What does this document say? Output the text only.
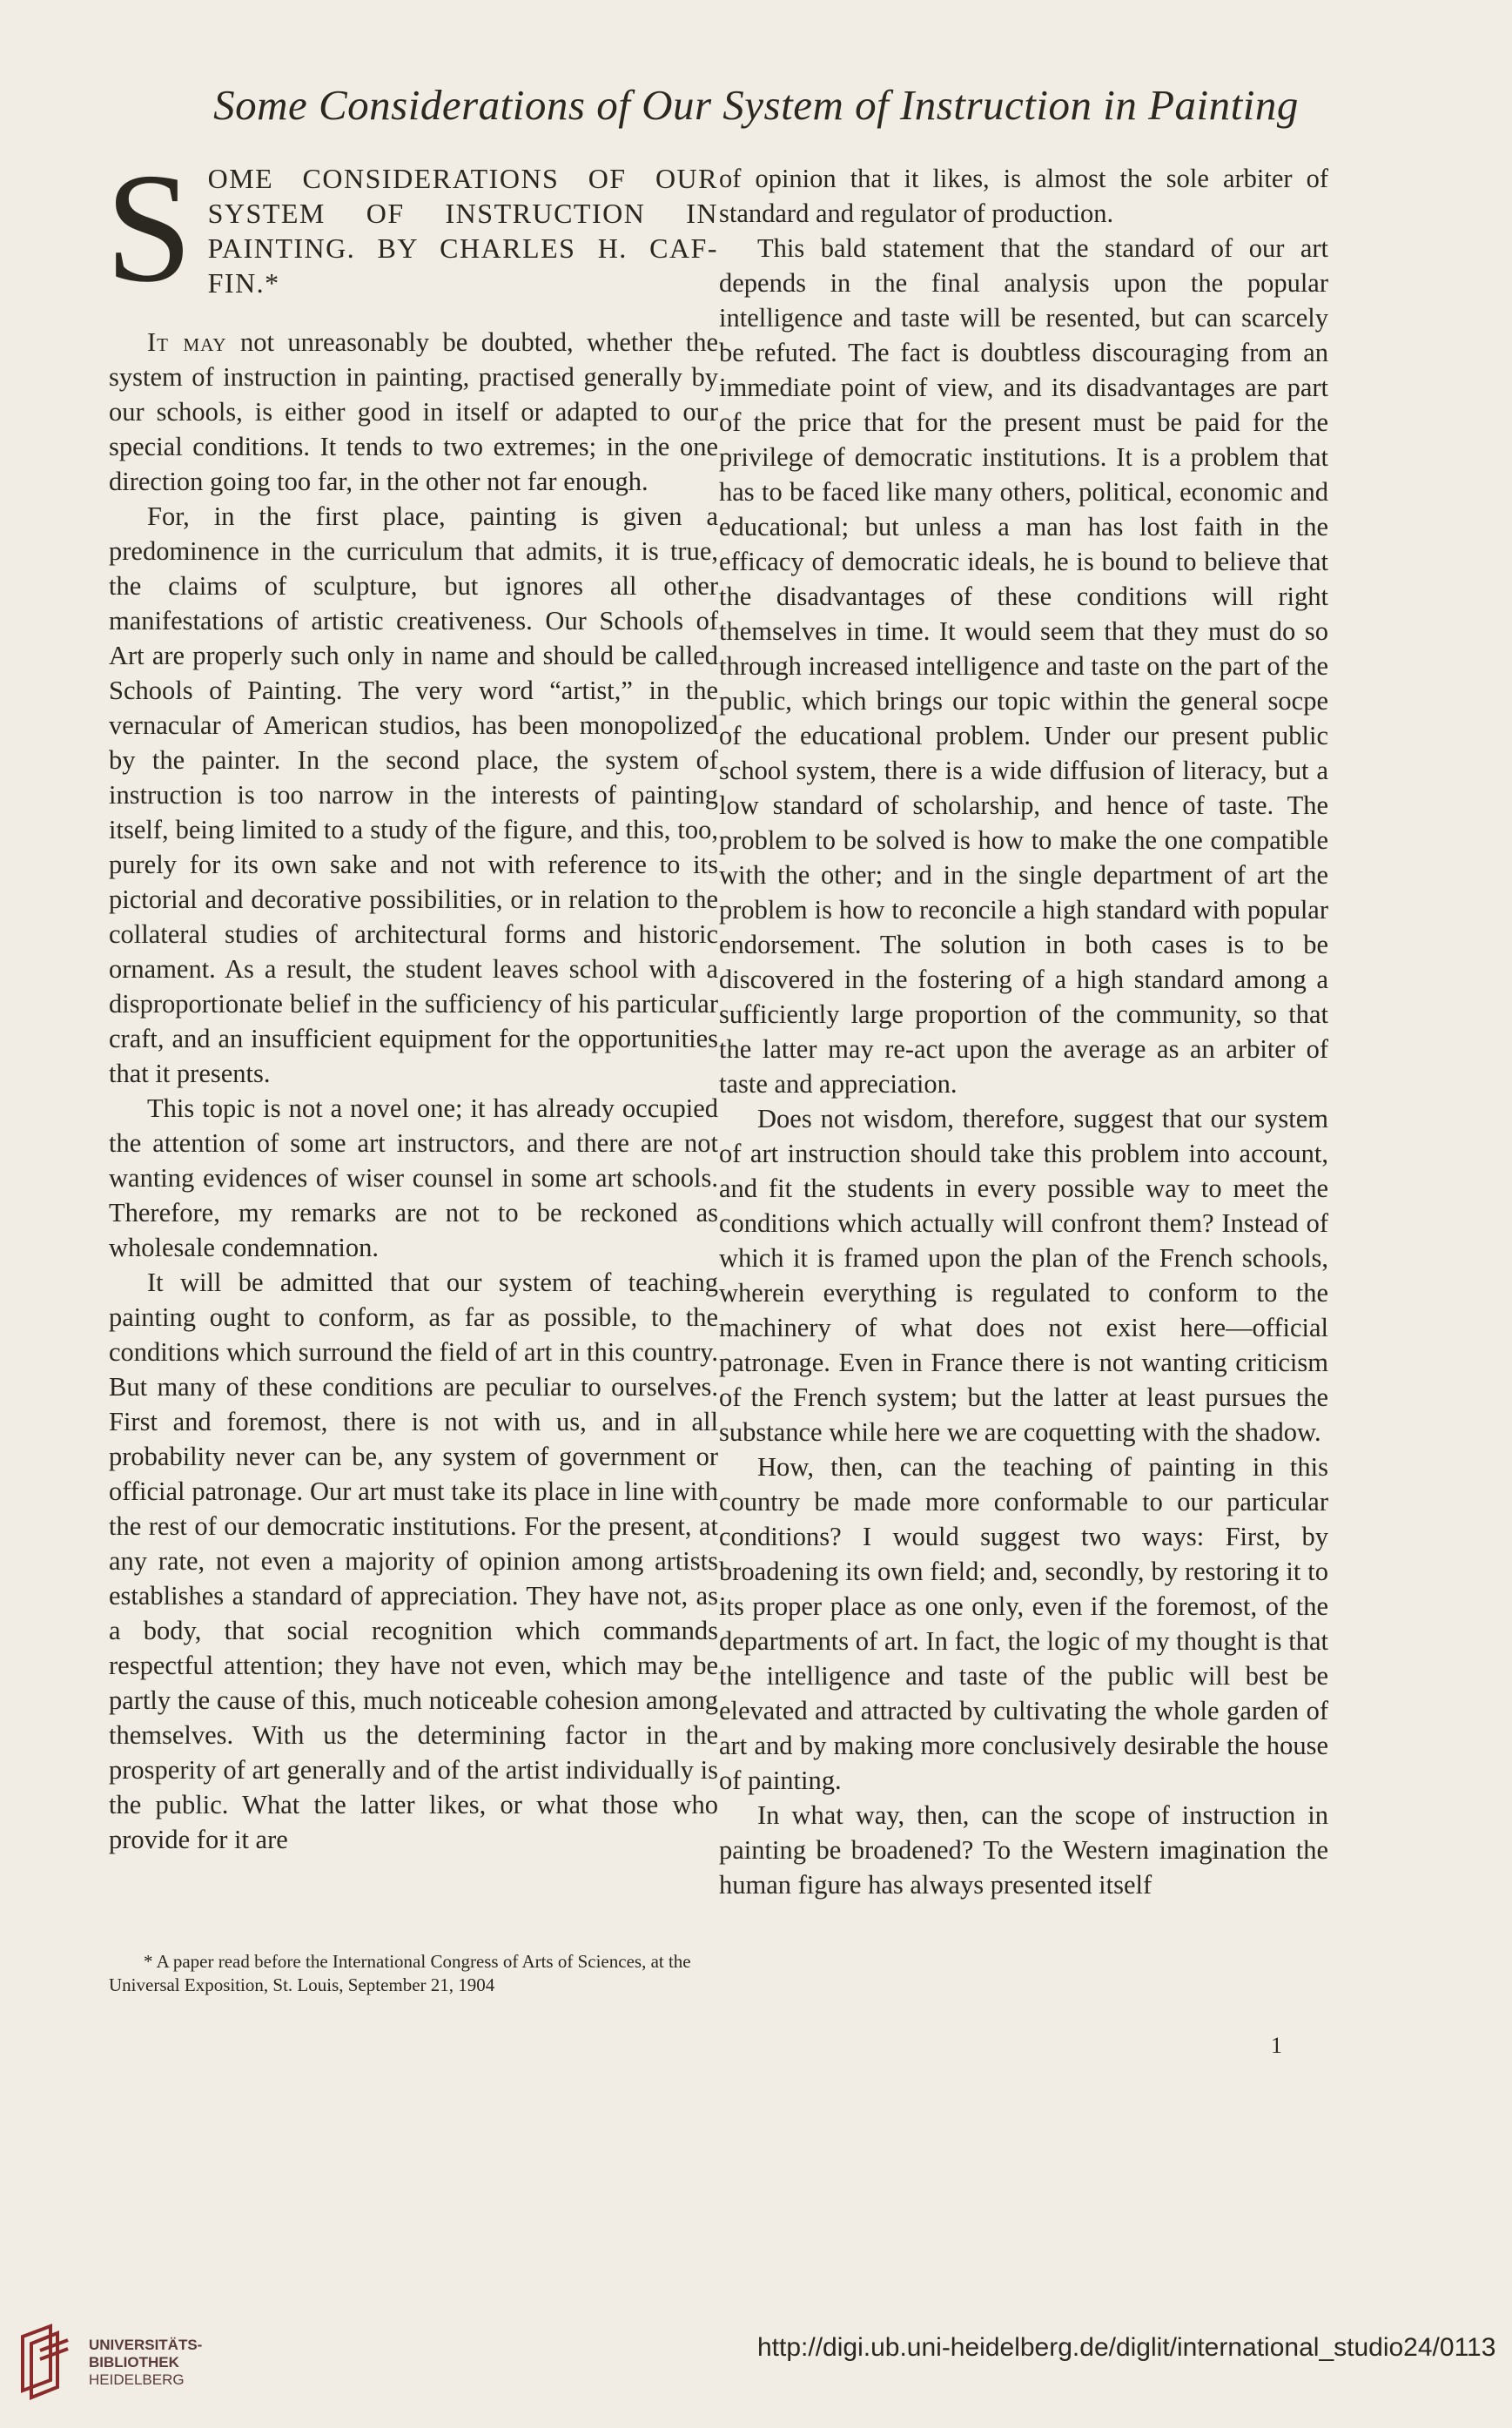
Some Considerations of Our System of Instruction in Painting
S OME CONSIDERATIONS OF OUR SYSTEM OF INSTRUCTION IN PAINTING. BY CHARLES H. CAF- FIN.*

It may not unreasonably be doubted, whether the system of instruction in painting, practised generally by our schools, is either good in itself or adapted to our special conditions. It tends to two extremes; in the one direction going too far, in the other not far enough.

For, in the first place, painting is given a predominence in the curriculum that admits, it is true, the claims of sculpture, but ignores all other manifestations of artistic creativeness. Our Schools of Art are properly such only in name and should be called Schools of Painting. The very word “artist,” in the vernacular of American studios, has been monopolized by the painter. In the second place, the system of instruction is too narrow in the interests of painting itself, being limited to a study of the figure, and this, too, purely for its own sake and not with reference to its pictorial and decorative possibilities, or in relation to the collateral studies of architectural forms and historic ornament. As a result, the student leaves school with a disproportionate belief in the sufficiency of his particular craft, and an insufficient equipment for the opportunities that it presents.

This topic is not a novel one; it has already occupied the attention of some art instructors, and there are not wanting evidences of wiser counsel in some art schools. Therefore, my remarks are not to be reckoned as wholesale condemnation.

It will be admitted that our system of teaching painting ought to conform, as far as possible, to the conditions which surround the field of art in this country. But many of these conditions are peculiar to ourselves. First and foremost, there is not with us, and in all probability never can be, any system of government or official patronage. Our art must take its place in line with the rest of our democratic institutions. For the present, at any rate, not even a majority of opinion among artists establishes a standard of appreciation. They have not, as a body, that social recognition which commands respectful attention; they have not even, which may be partly the cause of this, much noticeable cohesion among themselves. With us the determining factor in the prosperity of art generally and of the artist individually is the public. What the latter likes, or what those who provide for it are

of opinion that it likes, is almost the sole arbiter of standard and regulator of production.

This bald statement that the standard of our art depends in the final analysis upon the popular intelligence and taste will be resented, but can scarcely be refuted. The fact is doubtless discouraging from an immediate point of view, and its disadvantages are part of the price that for the present must be paid for the privilege of democratic institutions. It is a problem that has to be faced like many others, political, economic and educational; but unless a man has lost faith in the efficacy of democratic ideals, he is bound to believe that the disadvantages of these conditions will right themselves in time. It would seem that they must do so through increased intelligence and taste on the part of the public, which brings our topic within the general socpe of the educational problem. Under our present public school system, there is a wide diffusion of literacy, but a low standard of scholarship, and hence of taste. The problem to be solved is how to make the one compatible with the other; and in the single department of art the problem is how to reconcile a high standard with popular endorsement. The solution in both cases is to be discovered in the fostering of a high standard among a sufficiently large proportion of the community, so that the latter may re-act upon the average as an arbiter of taste and appreciation.

Does not wisdom, therefore, suggest that our system of art instruction should take this problem into account, and fit the students in every possible way to meet the conditions which actually will confront them? Instead of which it is framed upon the plan of the French schools, wherein everything is regulated to conform to the machinery of what does not exist here—official patronage. Even in France there is not wanting criticism of the French system; but the latter at least pursues the substance while here we are coquetting with the shadow.

How, then, can the teaching of painting in this country be made more conformable to our particular conditions? I would suggest two ways: First, by broadening its own field; and, secondly, by restoring it to its proper place as one only, even if the foremost, of the departments of art. In fact, the logic of my thought is that the intelligence and taste of the public will best be elevated and attracted by cultivating the whole garden of art and by making more conclusively desirable the house of painting.

In what way, then, can the scope of instruction in painting be broadened? To the Western imagination the human figure has always presented itself

* A paper read before the International Congress of Arts of Sciences, at the Universal Exposition, St. Louis, September 21, 1904
1
UNIVERSITÄTS-
BIBLIOTHEK
HEIDELBERG
http://digi.ub.uni-heidelberg.de/diglit/international_studio24/0113
